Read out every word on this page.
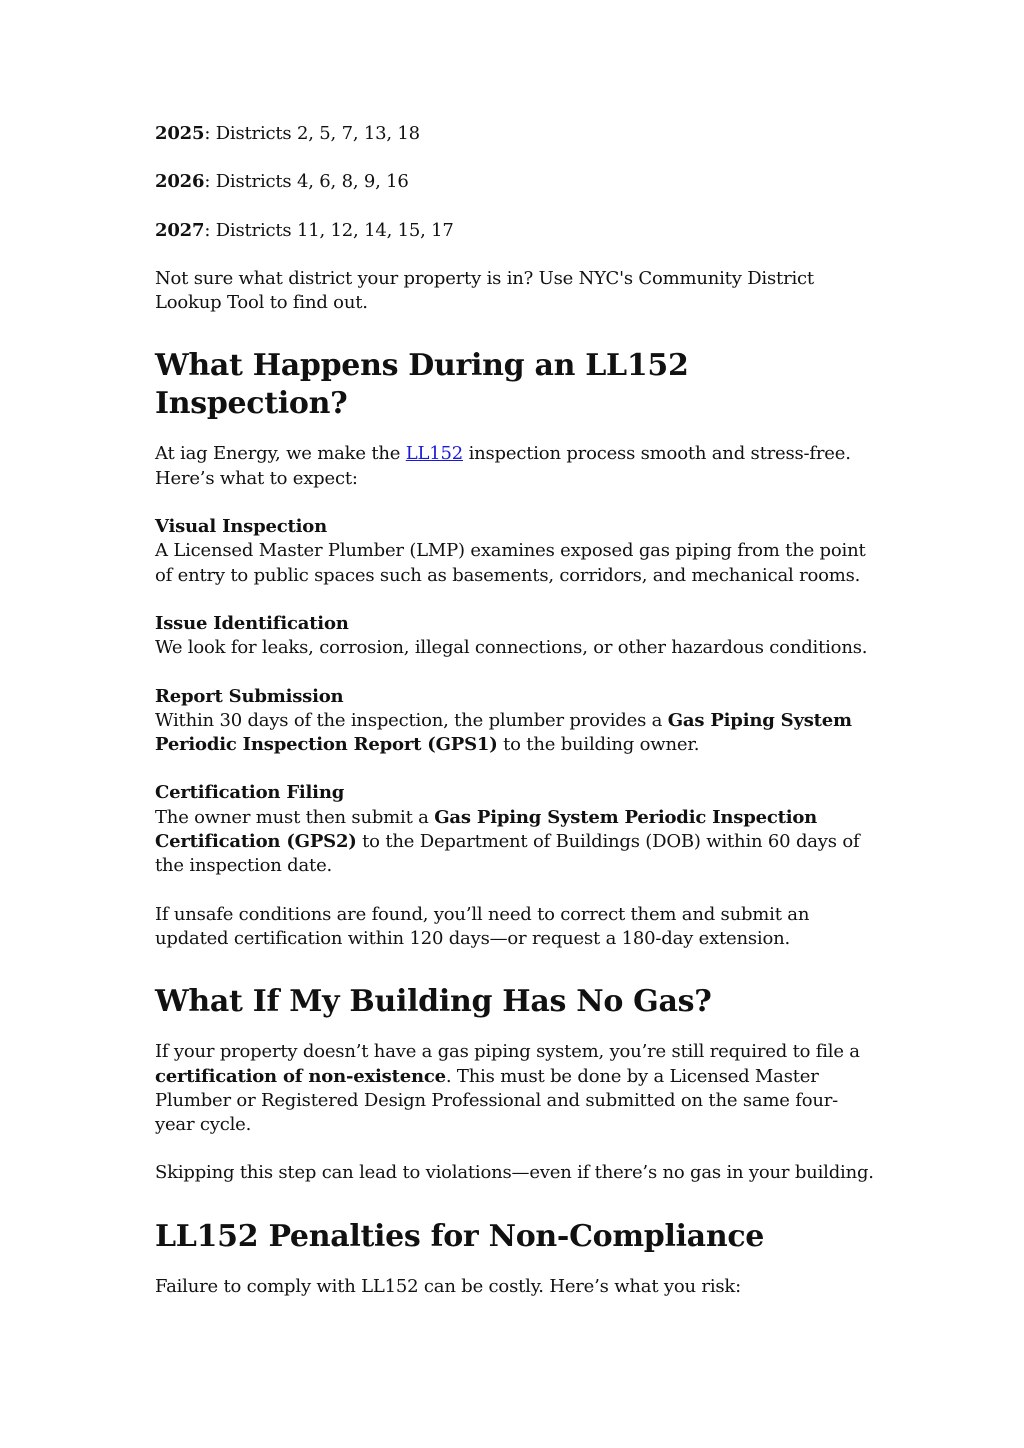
2025: Districts 2, 5, 7, 13, 18

2026: Districts 4, 6, 8, 9, 16

2027: Districts 11, 12, 14, 15, 17

Not sure what district your property is in? Use NYC's Community District Lookup Tool to find out.

What Happens During an LL152 Inspection?

At iag Energy, we make the LL152 inspection process smooth and stress-free. Here’s what to expect:

Visual Inspection
A Licensed Master Plumber (LMP) examines exposed gas piping from the point of entry to public spaces such as basements, corridors, and mechanical rooms.

Issue Identification
We look for leaks, corrosion, illegal connections, or other hazardous conditions.

Report Submission
Within 30 days of the inspection, the plumber provides a Gas Piping System Periodic Inspection Report (GPS1) to the building owner.

Certification Filing
The owner must then submit a Gas Piping System Periodic Inspection Certification (GPS2) to the Department of Buildings (DOB) within 60 days of the inspection date.

If unsafe conditions are found, you’ll need to correct them and submit an updated certification within 120 days—or request a 180-day extension.

What If My Building Has No Gas?

If your property doesn’t have a gas piping system, you’re still required to file a certification of non-existence. This must be done by a Licensed Master Plumber or Registered Design Professional and submitted on the same four-year cycle.

Skipping this step can lead to violations—even if there’s no gas in your building.

LL152 Penalties for Non-Compliance

Failure to comply with LL152 can be costly. Here’s what you risk:
